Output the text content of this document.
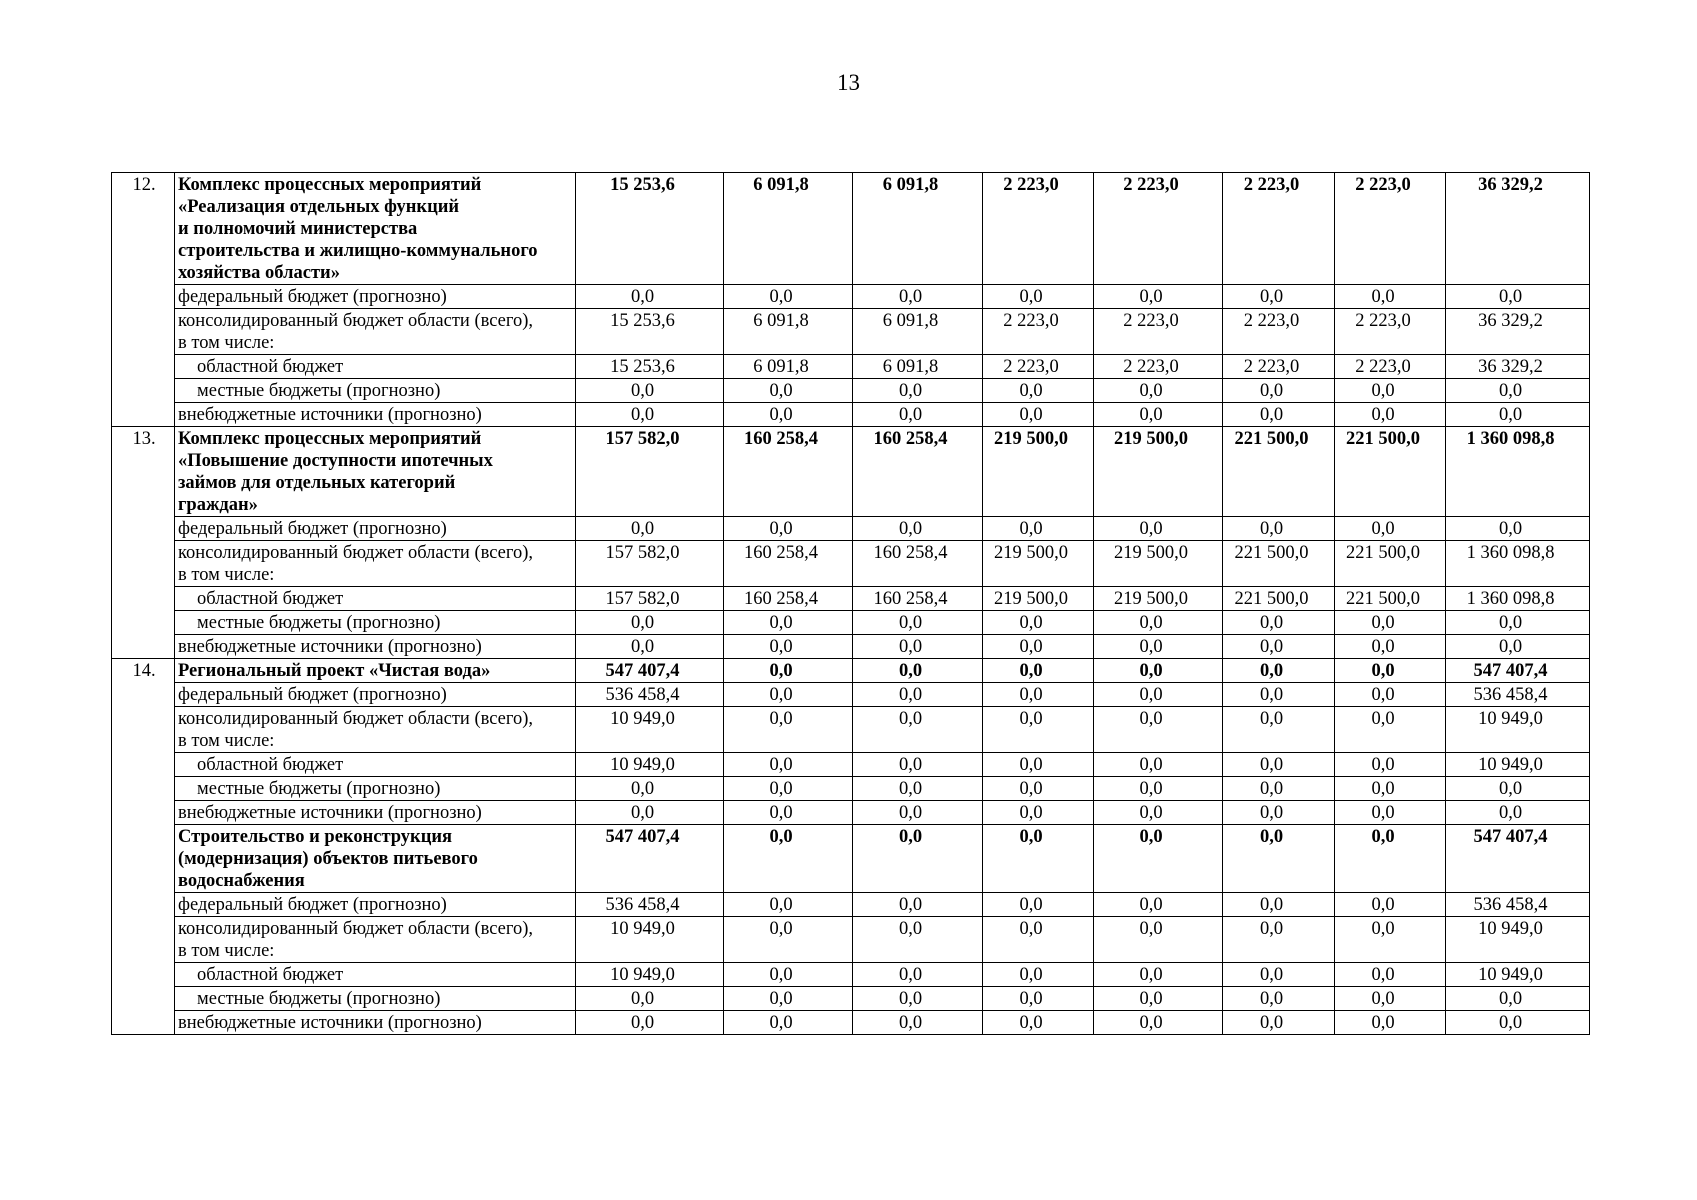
13
12.	Комплекс процессных мероприятий
«Реализация отдельных функций
и полномочий министерства
строительства и жилищно-коммунального
хозяйства области»	15 253,6	6 091,8	6 091,8	2 223,0	2 223,0	2 223,0	2 223,0	36 329,2

	федеральный бюджет (прогнозно)	0,0	0,0	0,0	0,0	0,0	0,0	0,0	0,0

	консолидированный бюджет области (всего),
в том числе:	15 253,6	6 091,8	6 091,8	2 223,0	2 223,0	2 223,0	2 223,0	36 329,2

	областной бюджет	15 253,6	6 091,8	6 091,8	2 223,0	2 223,0	2 223,0	2 223,0	36 329,2

	местные бюджеты (прогнозно)	0,0	0,0	0,0	0,0	0,0	0,0	0,0	0,0

	внебюджетные источники (прогнозно)	0,0	0,0	0,0	0,0	0,0	0,0	0,0	0,0
13.	Комплекс процессных мероприятий
«Повышение доступности ипотечных
займов для отдельных категорий
граждан»	157 582,0	160 258,4	160 258,4	219 500,0	219 500,0	221 500,0	221 500,0	1 360 098,8

	федеральный бюджет (прогнозно)	0,0	0,0	0,0	0,0	0,0	0,0	0,0	0,0

	консолидированный бюджет области (всего),
в том числе:	157 582,0	160 258,4	160 258,4	219 500,0	219 500,0	221 500,0	221 500,0	1 360 098,8

	областной бюджет	157 582,0	160 258,4	160 258,4	219 500,0	219 500,0	221 500,0	221 500,0	1 360 098,8

	местные бюджеты (прогнозно)	0,0	0,0	0,0	0,0	0,0	0,0	0,0	0,0

	внебюджетные источники (прогнозно)	0,0	0,0	0,0	0,0	0,0	0,0	0,0	0,0
14.	Региональный проект «Чистая вода»	547 407,4	0,0	0,0	0,0	0,0	0,0	0,0	547 407,4

	федеральный бюджет (прогнозно)	536 458,4	0,0	0,0	0,0	0,0	0,0	0,0	536 458,4

	консолидированный бюджет области (всего),
в том числе:	10 949,0	0,0	0,0	0,0	0,0	0,0	0,0	10 949,0

	областной бюджет	10 949,0	0,0	0,0	0,0	0,0	0,0	0,0	10 949,0

	местные бюджеты (прогнозно)	0,0	0,0	0,0	0,0	0,0	0,0	0,0	0,0

	внебюджетные источники (прогнозно)	0,0	0,0	0,0	0,0	0,0	0,0	0,0	0,0

	Строительство и реконструкция
(модернизация) объектов питьевого
водоснабжения	547 407,4	0,0	0,0	0,0	0,0	0,0	0,0	547 407,4

	федеральный бюджет (прогнозно)	536 458,4	0,0	0,0	0,0	0,0	0,0	0,0	536 458,4

	консолидированный бюджет области (всего),
в том числе:	10 949,0	0,0	0,0	0,0	0,0	0,0	0,0	10 949,0

	областной бюджет	10 949,0	0,0	0,0	0,0	0,0	0,0	0,0	10 949,0

	местные бюджеты (прогнозно)	0,0	0,0	0,0	0,0	0,0	0,0	0,0	0,0

	внебюджетные источники (прогнозно)	0,0	0,0	0,0	0,0	0,0	0,0	0,0	0,0
